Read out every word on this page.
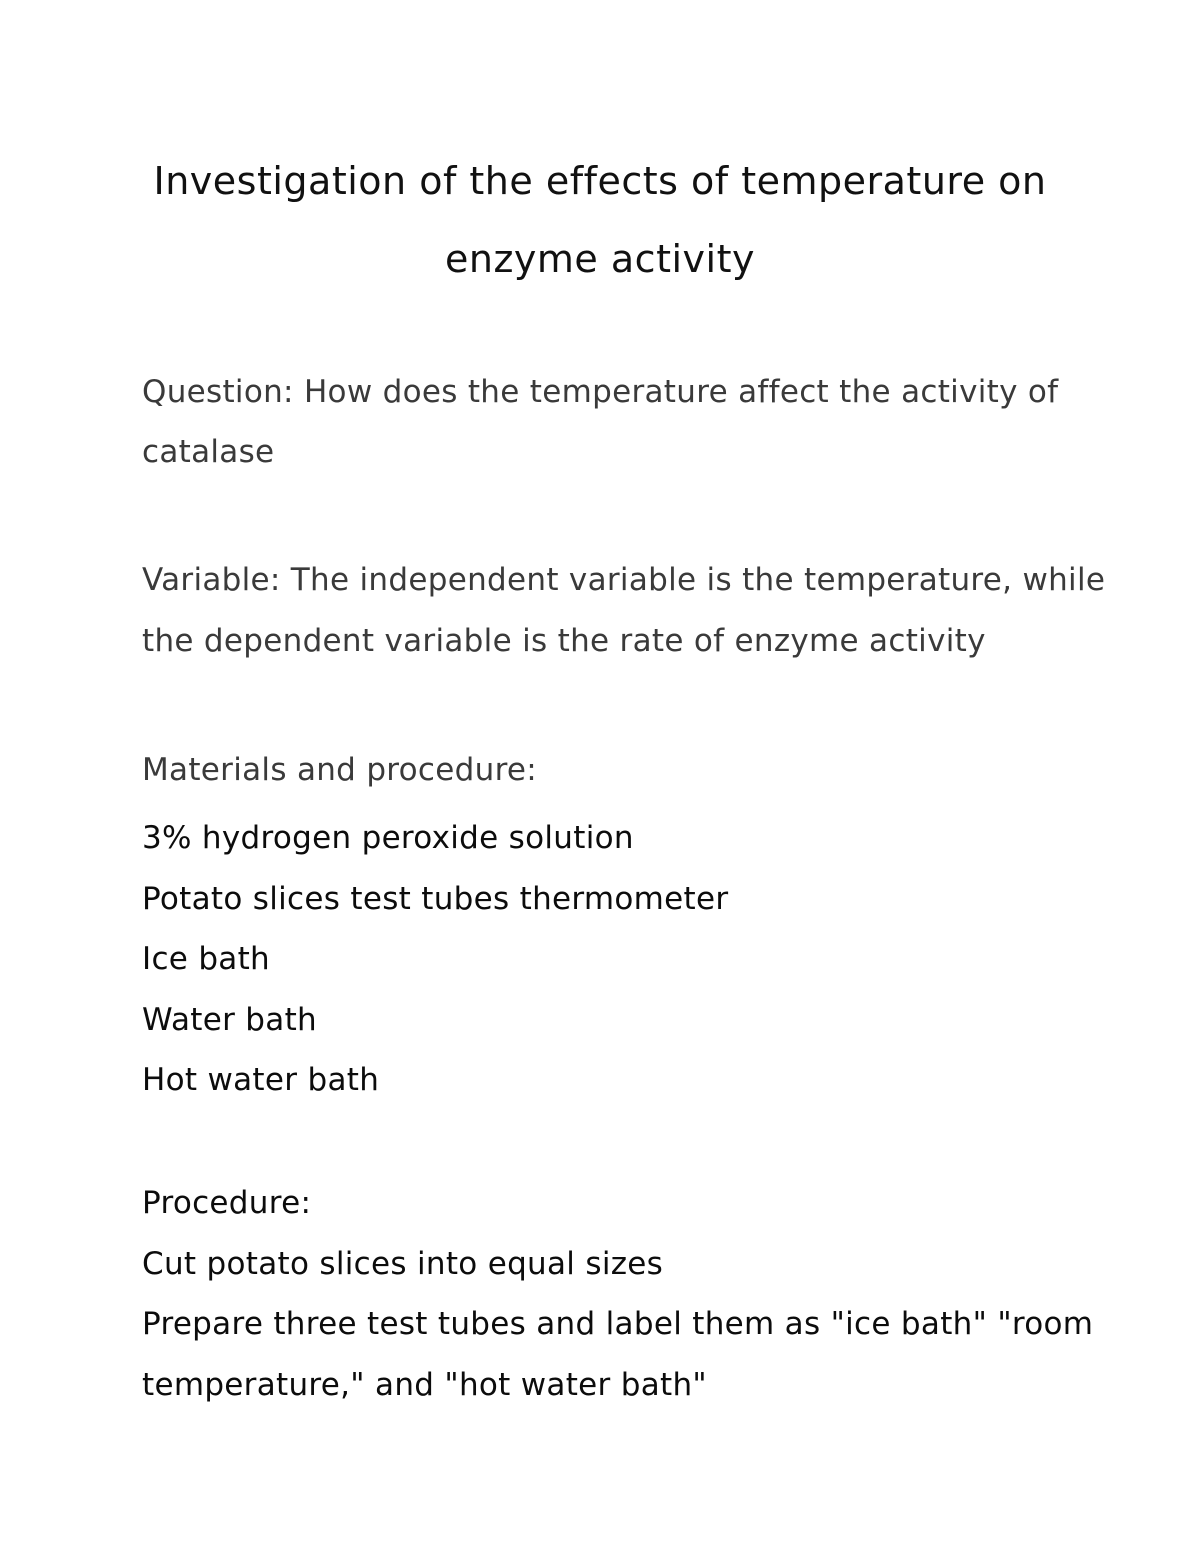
Investigation of the effects of temperature on
enzyme activity
Question: How does the temperature affect the activity of
catalase
Variable: The independent variable is the temperature, while
the dependent variable is the rate of enzyme activity
Materials and procedure:
3% hydrogen peroxide solution
Potato slices test tubes thermometer
Ice bath
Water bath
Hot water bath
Procedure:
Cut potato slices into equal sizes
Prepare three test tubes and label them as "ice bath" "room
temperature," and "hot water bath"
